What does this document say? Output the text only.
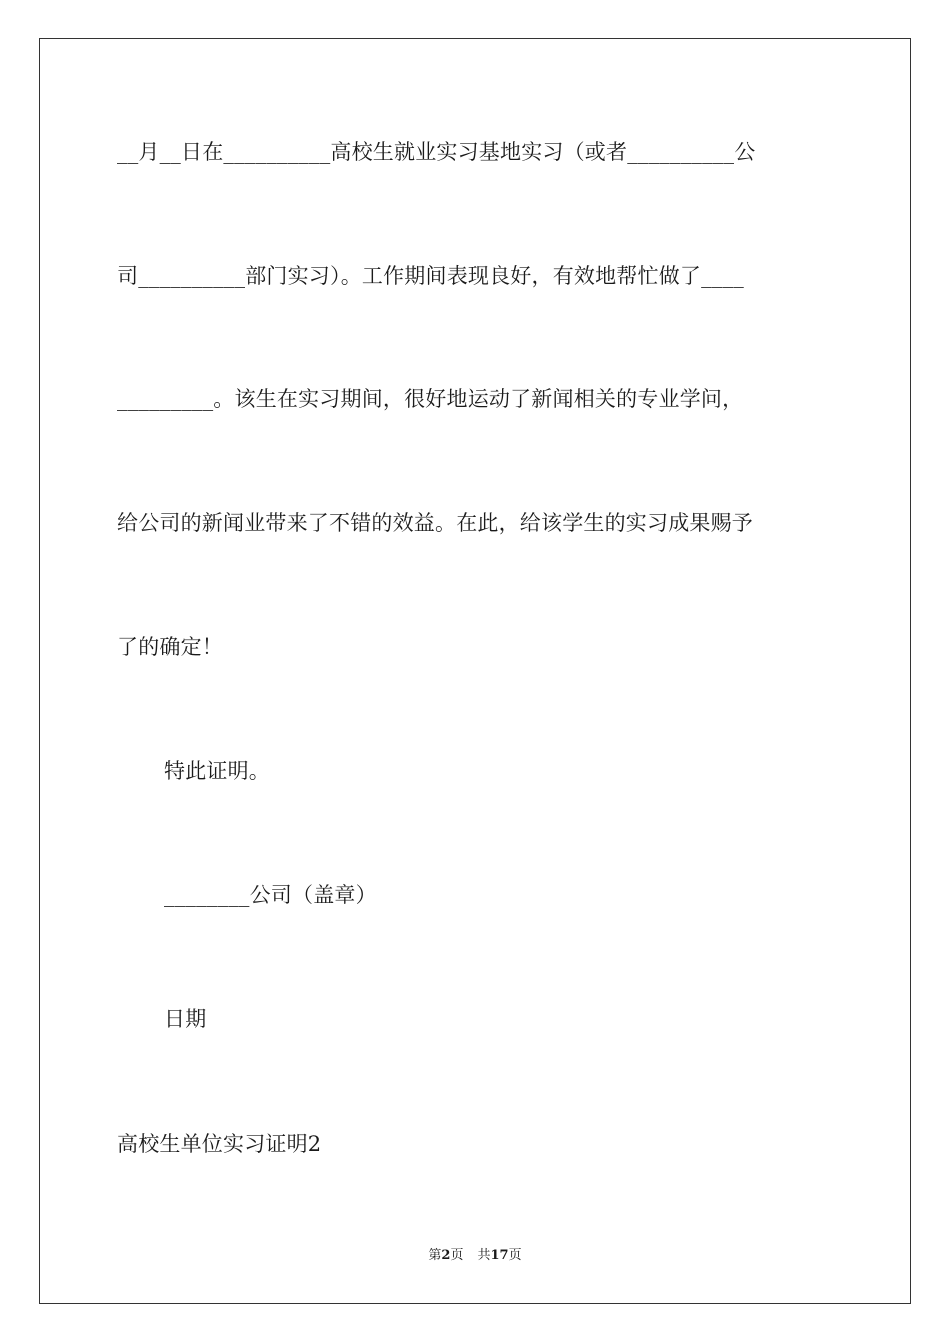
__月__日在__________高校生就业实习基地实习（或者__________公
司__________部门实习）。工作期间表现良好，有效地帮忙做了____
_________。该生在实习期间，很好地运动了新闻相关的专业学问，
给公司的新闻业带来了不错的效益。在此，给该学生的实习成果赐予
了的确定！
特此证明。
________公司（盖章）
日期
高校生单位实习证明2
第2页 共17页
